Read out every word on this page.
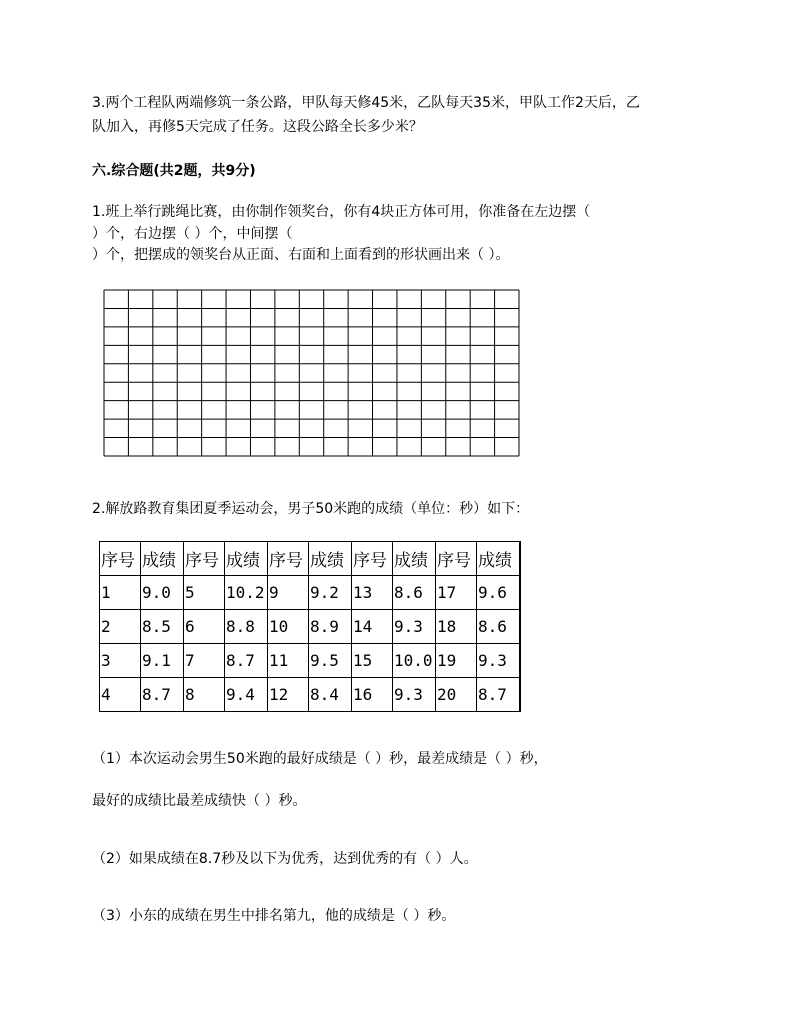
3.两个工程队两端修筑一条公路，甲队每天修45米，乙队每天35米，甲队工作2天后，乙
队加入，再修5天完成了任务。这段公路全长多少米？
六.综合题(共2题，共9分)
1.班上举行跳绳比赛，由你制作领奖台，你有4块正方体可用，你准备在左边摆（
）个，右边摆（ ）个，中间摆（
）个，把摆成的领奖台从正面、右面和上面看到的形状画出来（ ）。
2.解放路教育集团夏季运动会，男子50米跑的成绩（单位：秒）如下：
序号	成绩	序号	成绩	序号	成绩	序号	成绩	序号	成绩
1	9.0	5	10.2	9	9.2	13	8.6	17	9.6
2	8.5	6	8.8	10	8.9	14	9.3	18	8.6
3	9.1	7	8.7	11	9.5	15	10.0	19	9.3
4	8.7	8	9.4	12	8.4	16	9.3	20	8.7
（1）本次运动会男生50米跑的最好成绩是（ ）秒，最差成绩是（ ）秒，
最好的成绩比最差成绩快（ ）秒。
（2）如果成绩在8.7秒及以下为优秀，达到优秀的有（ ）人。
（3）小东的成绩在男生中排名第九，他的成绩是（ ）秒。
